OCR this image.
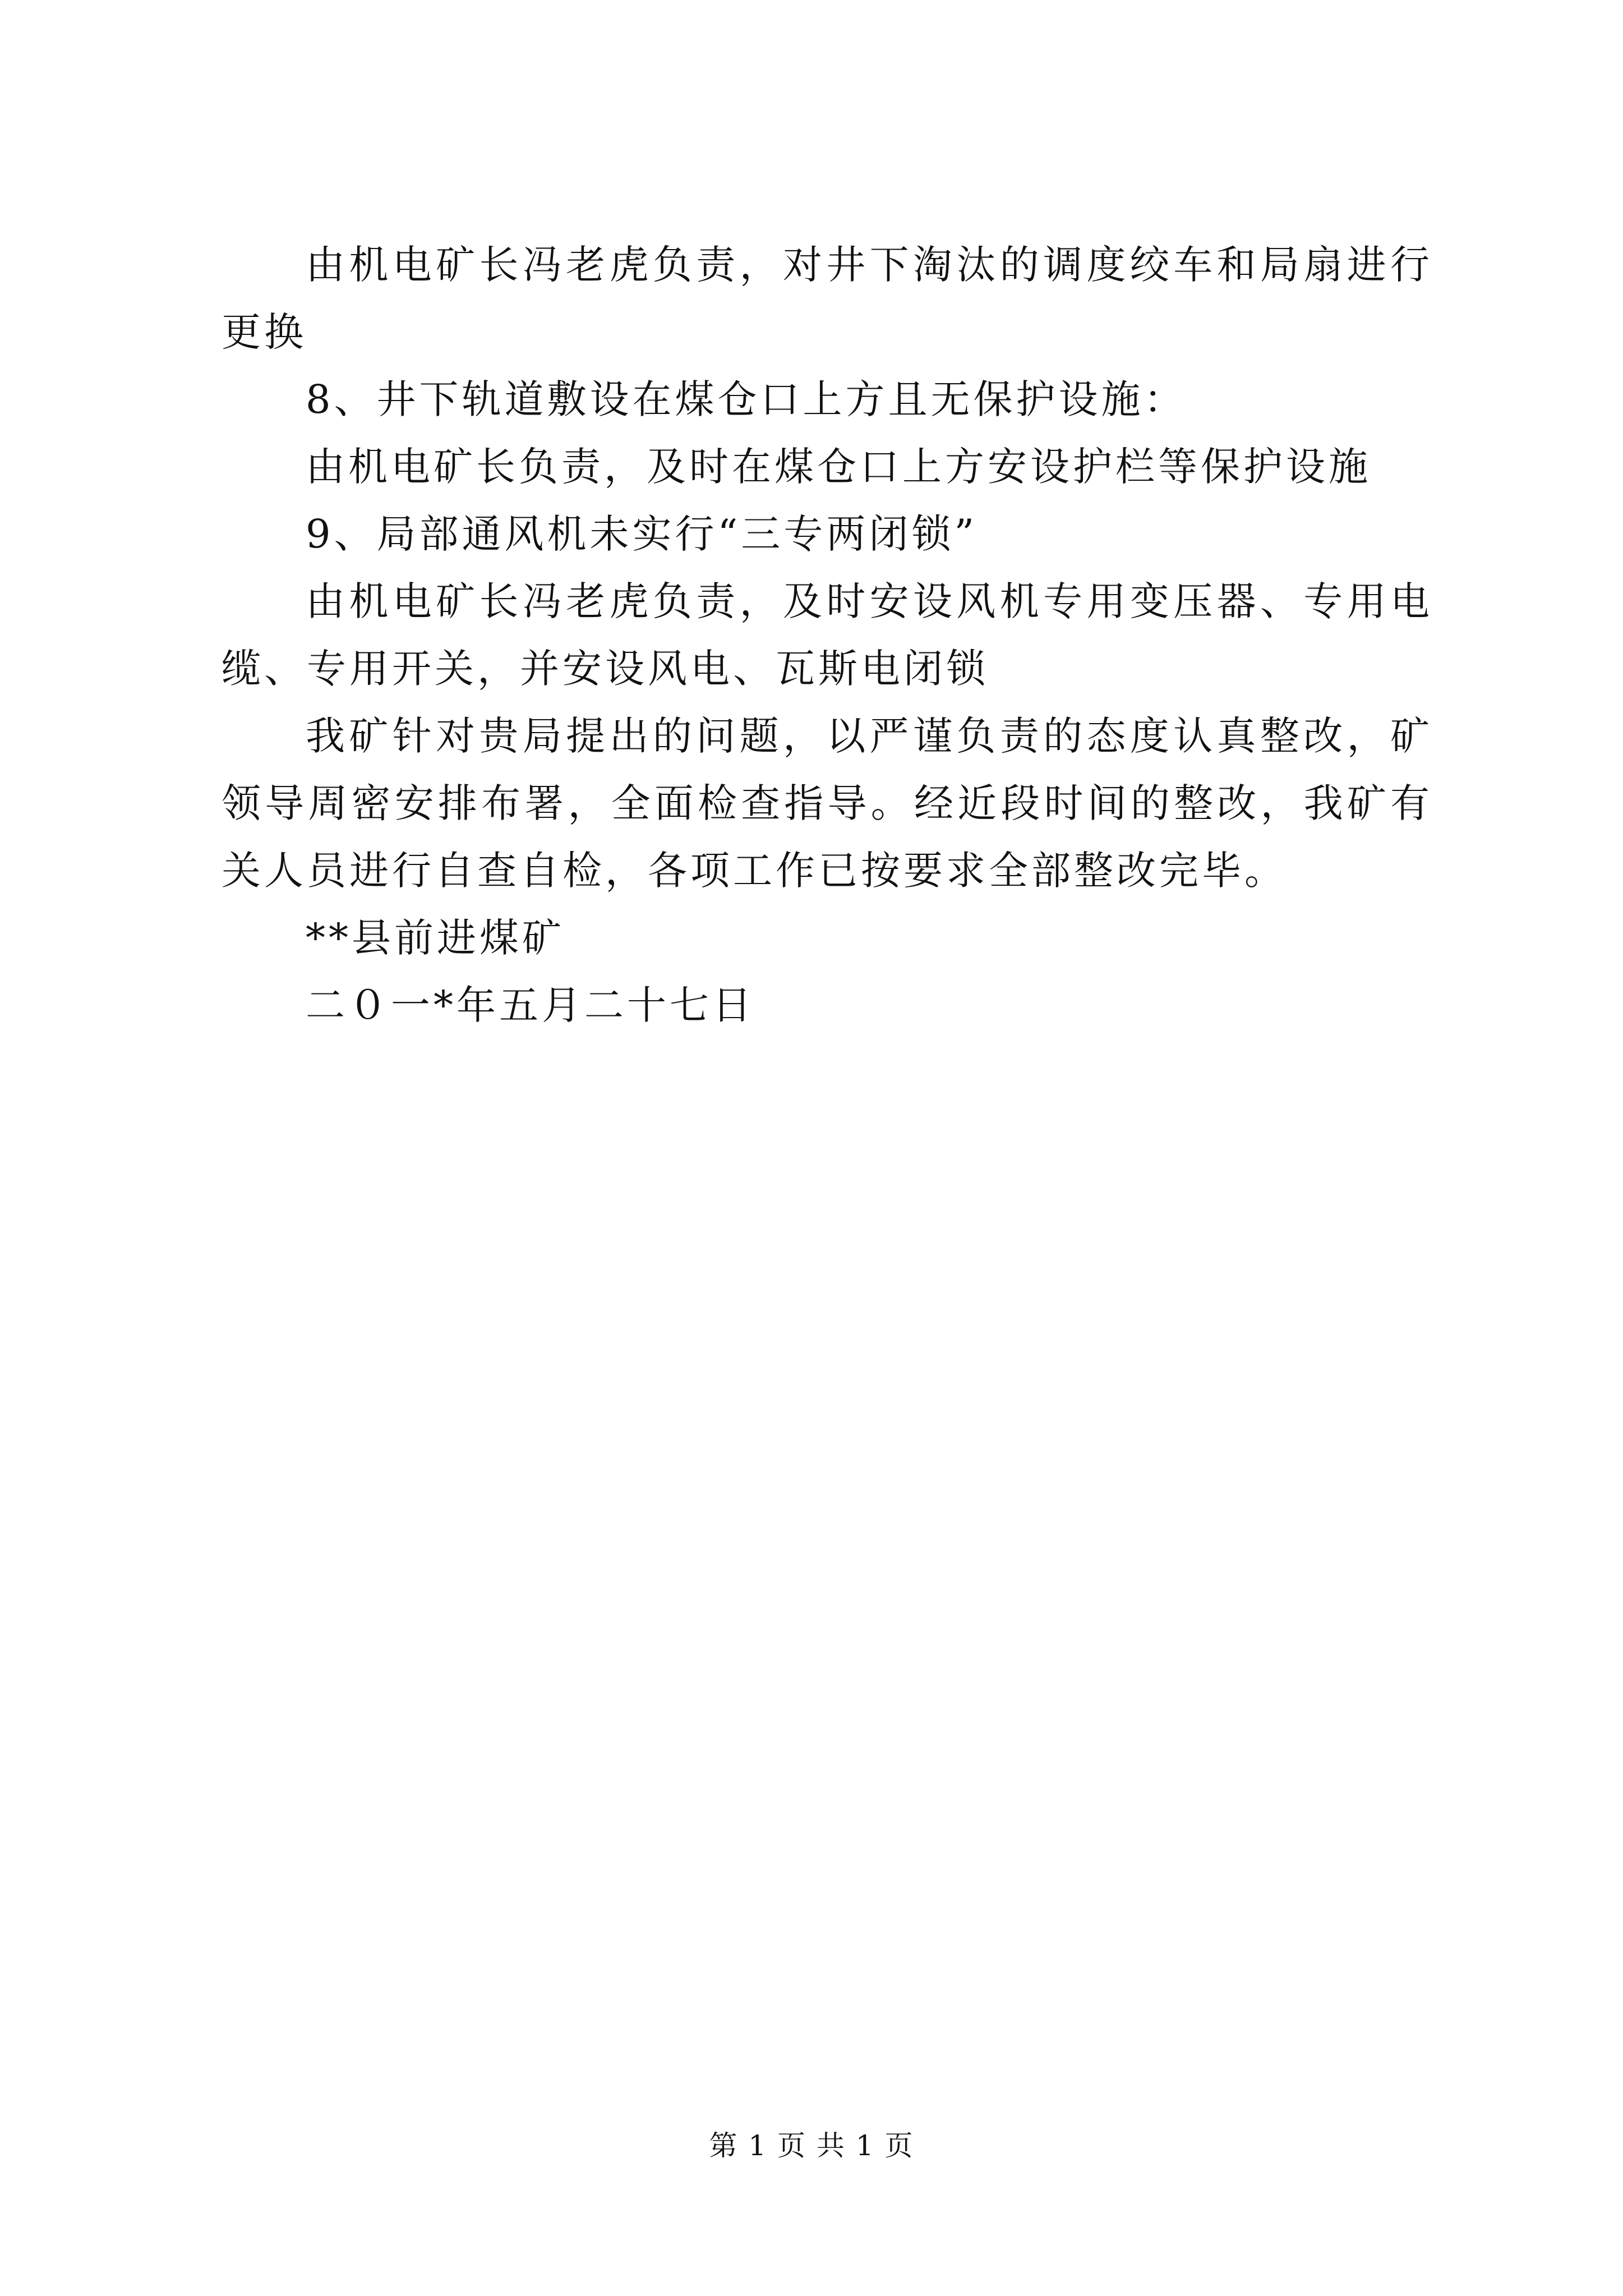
由机电矿长冯老虎负责，对井下淘汰的调度绞车和局扇进行更换

8、井下轨道敷设在煤仓口上方且无保护设施：

由机电矿长负责，及时在煤仓口上方安设护栏等保护设施

9、局部通风机未实行“三专两闭锁”

由机电矿长冯老虎负责，及时安设风机专用变压器、专用电缆、专用开关，并安设风电、瓦斯电闭锁

我矿针对贵局提出的问题，以严谨负责的态度认真整改，矿领导周密安排布署，全面检查指导。经近段时间的整改，我矿有关人员进行自查自检，各项工作已按要求全部整改完毕。

**县前进煤矿

二０一*年五月二十七日

第 1 页 共 1 页
